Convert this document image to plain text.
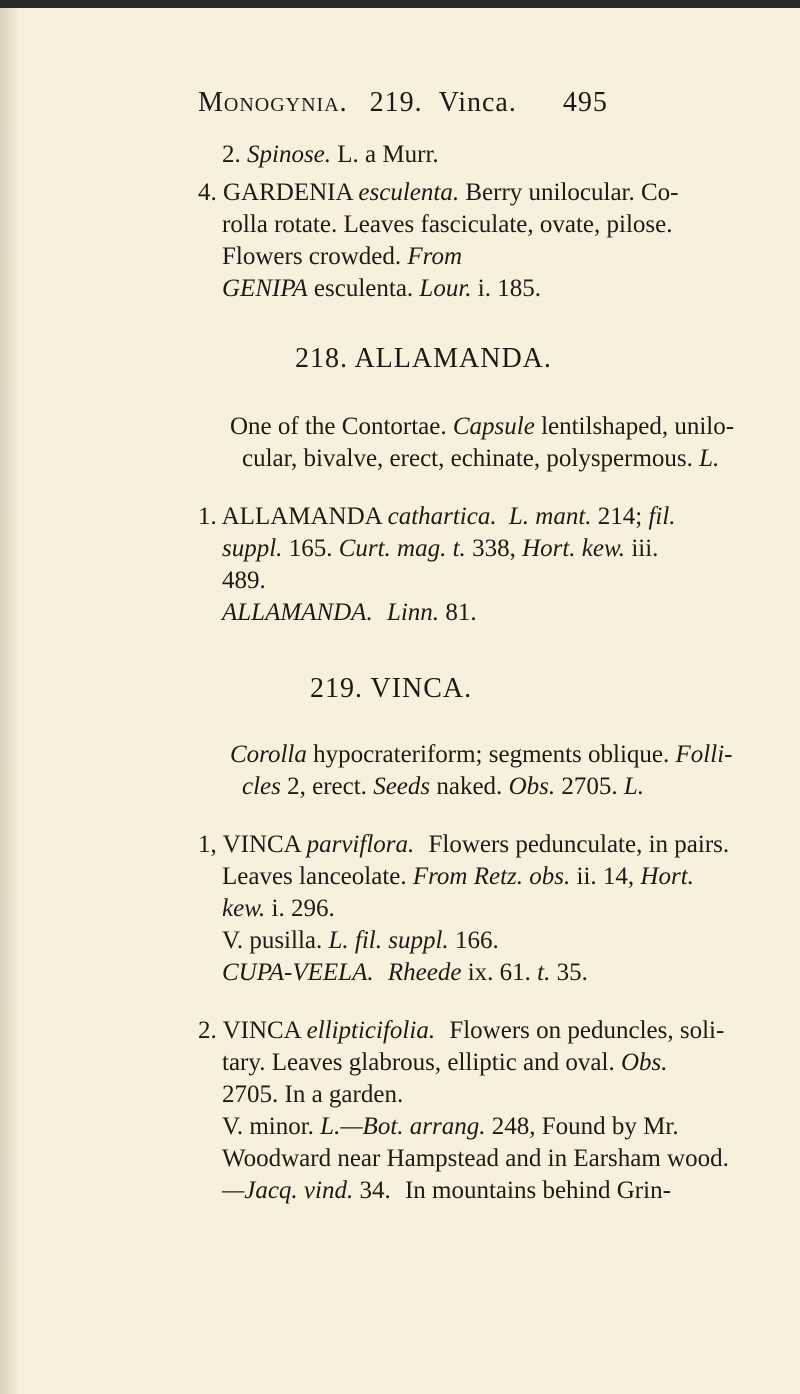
Monogynia. 219. Vinca. 495
2. Spinose. L. a Murr.
4. GARDENIA esculenta. Berry unilocular. Co-
rolla rotate. Leaves fasciculate, ovate, pilose.
Flowers crowded. From
GENIPA esculenta. Lour. i. 185.
218. ALLAMANDA.
One of the Contortae. Capsule lentilshaped, unilo-
cular, bivalve, erect, echinate, polyspermous. L.
1. ALLAMANDA cathartica. L. mant. 214; fil.
suppl. 165. Curt. mag. t. 338, Hort. kew. iii.
489.
ALLAMANDA. Linn. 81.
219. VINCA.
Corolla hypocrateriform; segments oblique. Folli-
cles 2, erect. Seeds naked. Obs. 2705. L.
1, VINCA parviflora. Flowers pedunculate, in pairs.
Leaves lanceolate. From Retz. obs. ii. 14, Hort.
kew. i. 296.
V. pusilla. L. fil. suppl. 166.
CUPA-VEELA. Rheede ix. 61. t. 35.
2. VINCA ellipticifolia. Flowers on peduncles, soli-
tary. Leaves glabrous, elliptic and oval. Obs.
2705. In a garden.
V. minor. L.—Bot. arrang. 248, Found by Mr.
Woodward near Hampstead and in Earsham wood.
—Jacq. vind. 34. In mountains behind Grin-
